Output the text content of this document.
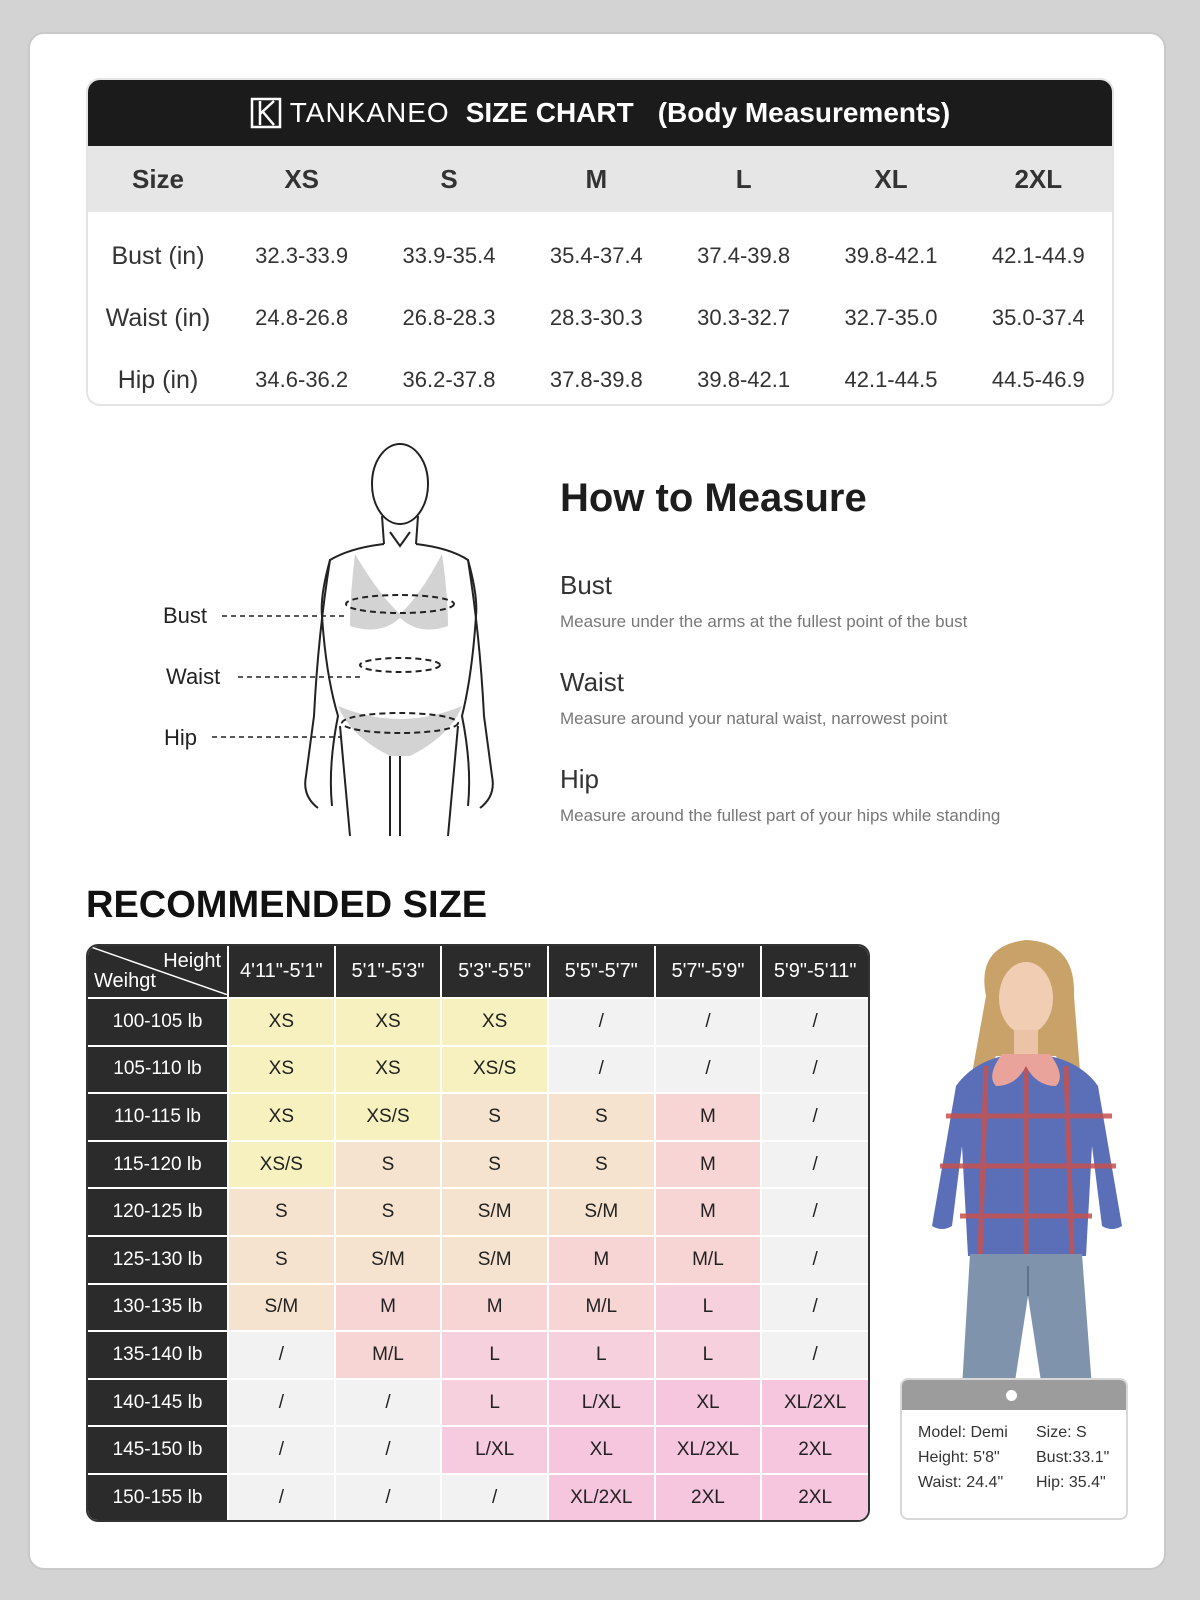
TANKANEO SIZE CHART (Body Measurements)
Size	XS	S	M	L	XL	2XL
Bust (in)	32.3-33.9	33.9-35.4	35.4-37.4	37.4-39.8	39.8-42.1	42.1-44.9
Waist (in)	24.8-26.8	26.8-28.3	28.3-30.3	30.3-32.7	32.7-35.0	35.0-37.4
Hip (in)	34.6-36.2	36.2-37.8	37.8-39.8	39.8-42.1	42.1-44.5	44.5-46.9
Bust
Waist
Hip
How to Measure
Bust
Measure under the arms at the fullest point of the bust
Waist
Measure around your natural waist, narrowest point
Hip
Measure around the fullest part of your hips while standing
RECOMMENDED SIZE
Height
Weihgt	4'11"-5'1"	5'1"-5'3"	5'3"-5'5"	5'5"-5'7"	5'7"-5'9"	5'9"-5'11"
100-105 lb	XS	XS	XS	/	/	/
105-110 lb	XS	XS	XS/S	/	/	/
110-115 lb	XS	XS/S	S	S	M	/
115-120 lb	XS/S	S	S	S	M	/
120-125 lb	S	S	S/M	S/M	M	/
125-130 lb	S	S/M	S/M	M	M/L	/
130-135 lb	S/M	M	M	M/L	L	/
135-140 lb	/	M/L	L	L	L	/
140-145 lb	/	/	L	L/XL	XL	XL/2XL
145-150 lb	/	/	L/XL	XL	XL/2XL	2XL
150-155 lb	/	/	/	XL/2XL	2XL	2XL
Model: Demi	Size: S
Height: 5'8"	Bust:33.1"
Waist: 24.4"	Hip: 35.4"
